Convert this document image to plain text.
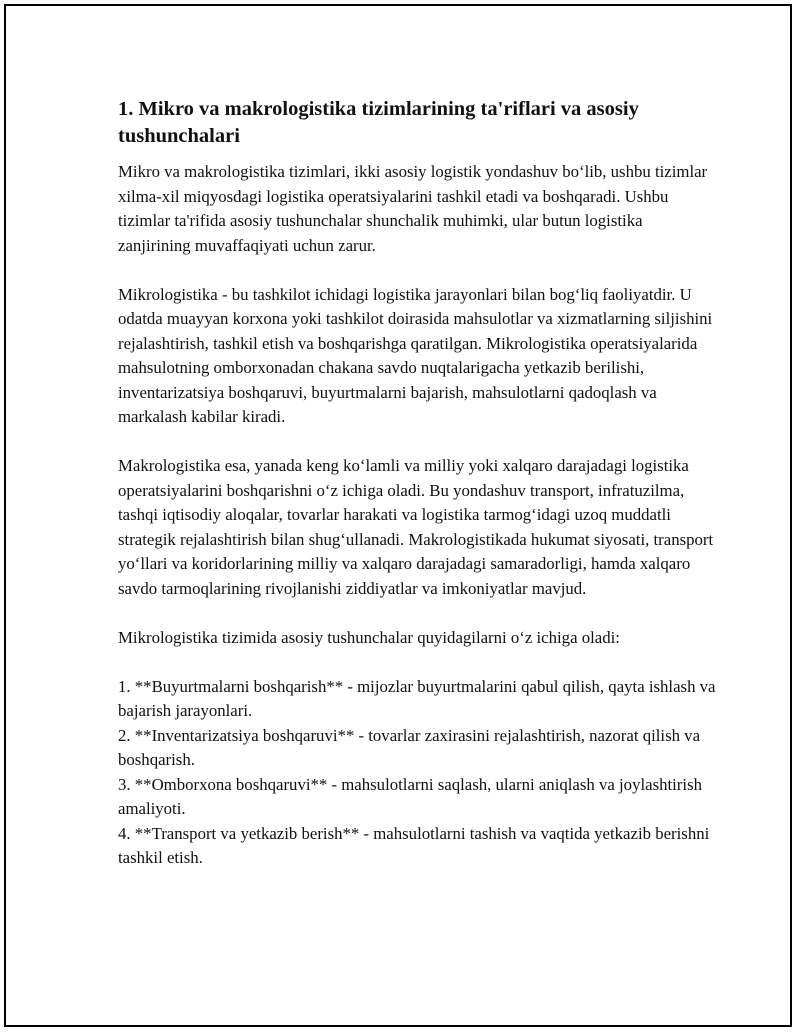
1. Mikro va makrologistika tizimlarining ta'riflari va asosiy tushunchalari

Mikro va makrologistika tizimlari, ikki asosiy logistik yondashuv bo‘lib, ushbu tizimlar xilma-xil miqyosdagi logistika operatsiyalarini tashkil etadi va boshqaradi. Ushbu tizimlar ta'rifida asosiy tushunchalar shunchalik muhimki, ular butun logistika zanjirining muvaffaqiyati uchun zarur.

Mikrologistika - bu tashkilot ichidagi logistika jarayonlari bilan bog‘liq faoliyatdir. U odatda muayyan korxona yoki tashkilot doirasida mahsulotlar va xizmatlarning siljishini rejalashtirish, tashkil etish va boshqarishga qaratilgan. Mikrologistika operatsiyalarida mahsulotning omborxonadan chakana savdo nuqtalarigacha yetkazib berilishi, inventarizatsiya boshqaruvi, buyurtmalarni bajarish, mahsulotlarni qadoqlash va markalash kabilar kiradi.

Makrologistika esa, yanada keng ko‘lamli va milliy yoki xalqaro darajadagi logistika operatsiyalarini boshqarishni o‘z ichiga oladi. Bu yondashuv transport, infratuzilma, tashqi iqtisodiy aloqalar, tovarlar harakati va logistika tarmog‘idagi uzoq muddatli strategik rejalashtirish bilan shug‘ullanadi. Makrologistikada hukumat siyosati, transport yo‘llari va koridorlarining milliy va xalqaro darajadagi samaradorligi, hamda xalqaro savdo tarmoqlarining rivojlanishi ziddiyatlar va imkoniyatlar mavjud.

Mikrologistika tizimida asosiy tushunchalar quyidagilarni o‘z ichiga oladi:

1. **Buyurtmalarni boshqarish** - mijozlar buyurtmalarini qabul qilish, qayta ishlash va bajarish jarayonlari.

2. **Inventarizatsiya boshqaruvi** - tovarlar zaxirasini rejalashtirish, nazorat qilish va boshqarish.

3. **Omborxona boshqaruvi** - mahsulotlarni saqlash, ularni aniqlash va joylashtirish amaliyoti.

4. **Transport va yetkazib berish** - mahsulotlarni tashish va vaqtida yetkazib berishni tashkil etish.
